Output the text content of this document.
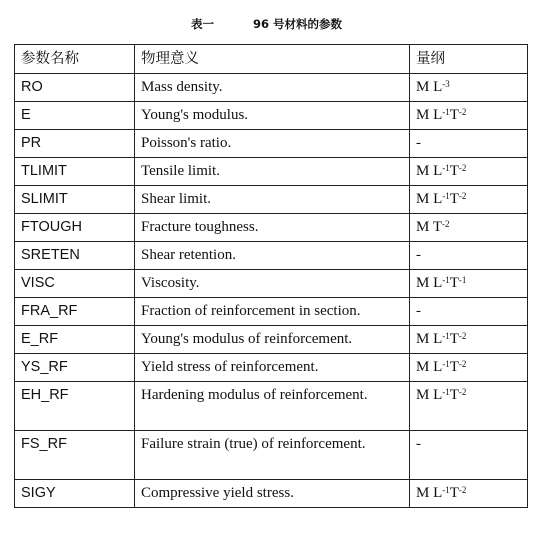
表一	96 号材料的参数
参数名称	物理意义	量纲
RO	Mass density.	M $L^{-3}$
E	Young's modulus.	M $L^{-1}T^{-2}$
PR	Poisson's ratio.	-
TLIMIT	Tensile limit.	M $L^{-1}T^{-2}$
SLIMIT	Shear limit.	M $L^{-1}T^{-2}$
FTOUGH	Fracture toughness.	M $T^{-2}$
SRETEN	Shear retention.	-
VISC	Viscosity.	M $L^{-1}T^{-1}$
FRA_RF	Fraction of reinforcement in section.	-
E_RF	Young's modulus of reinforcement.	M $L^{-1}T^{-2}$
YS_RF	Yield stress of reinforcement.	M $L^{-1}T^{-2}$
EH_RF	Hardening modulus of reinforcement.	M $L^{-1}T^{-2}$
FS_RF	Failure strain (true) of reinforcement.	-
SIGY	Compressive yield stress.	M $L^{-1}T^{-2}$
